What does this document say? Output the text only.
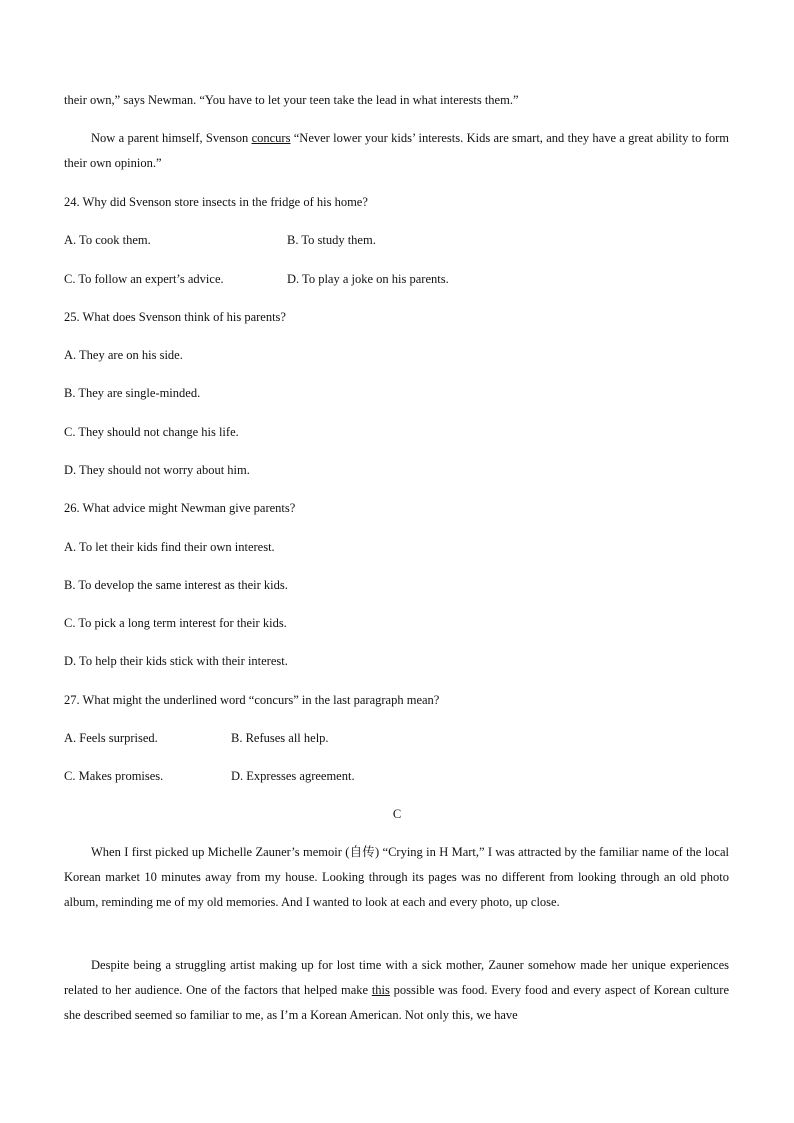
their own,” says Newman. “You have to let your teen take the lead in what interests them.”
Now a parent himself, Svenson concurs “Never lower your kids’ interests. Kids are smart, and they have a great ability to form their own opinion.”
24. Why did Svenson store insects in the fridge of his home?
A. To cook them.	B. To study them.
C. To follow an expert’s advice.	D. To play a joke on his parents.
25. What does Svenson think of his parents?
A. They are on his side.
B. They are single-minded.
C. They should not change his life.
D. They should not worry about him.
26. What advice might Newman give parents?
A. To let their kids find their own interest.
B. To develop the same interest as their kids.
C. To pick a long term interest for their kids.
D. To help their kids stick with their interest.
27. What might the underlined word “concurs” in the last paragraph mean?
A. Feels surprised.	B. Refuses all help.
C. Makes promises.	D. Expresses agreement.
C
When I first picked up Michelle Zauner’s memoir (自传) “Crying in H Mart,” I was attracted by the familiar name of the local Korean market 10 minutes away from my house. Looking through its pages was no different from looking through an old photo album, reminding me of my old memories. And I wanted to look at each and every photo, up close.
Despite being a struggling artist making up for lost time with a sick mother, Zauner somehow made her unique experiences related to her audience. One of the factors that helped make this possible was food. Every food and every aspect of Korean culture she described seemed so familiar to me, as I’m a Korean American. Not only this, we have
